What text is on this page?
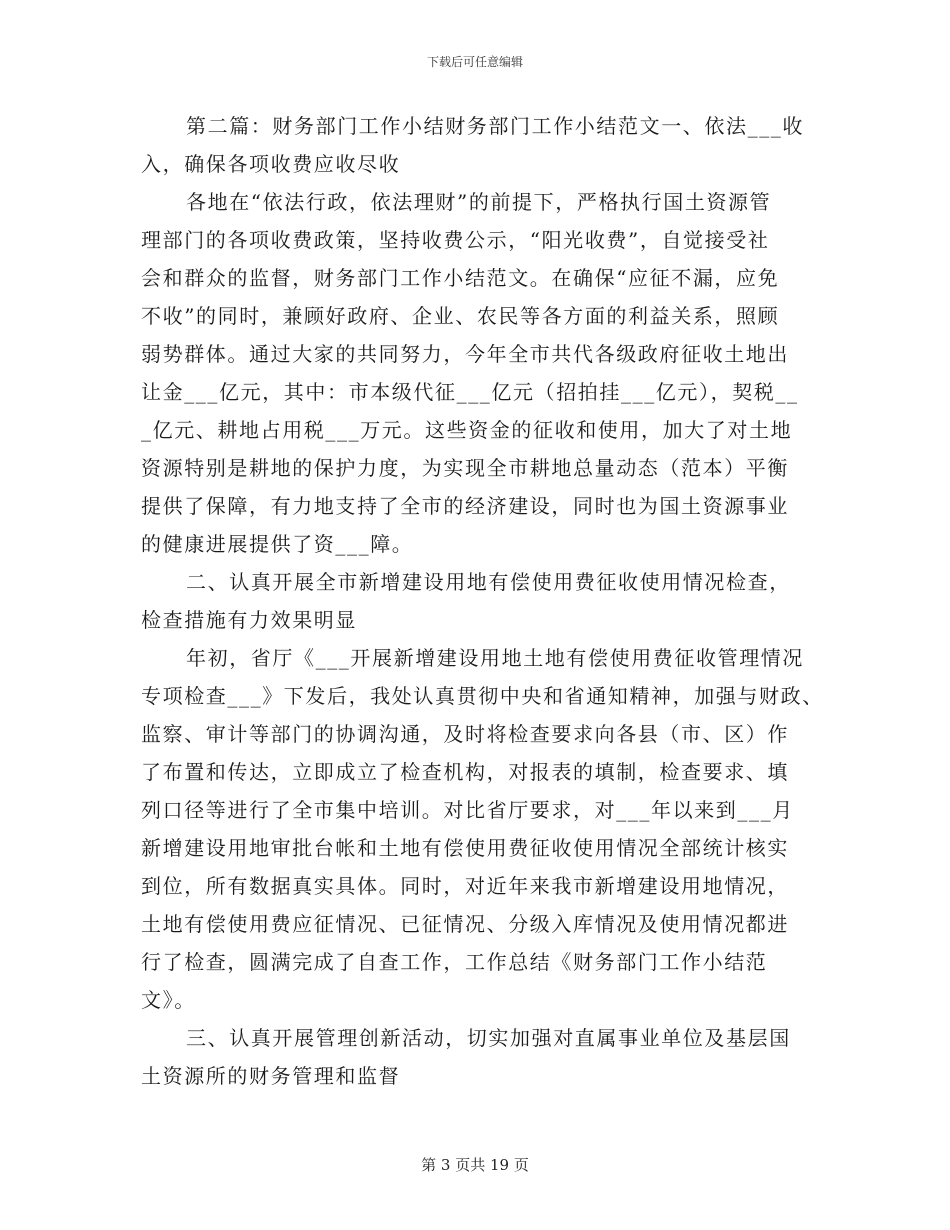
下载后可任意编辑
第二篇：财务部门工作小结财务部门工作小结范文一、依法___收
入，确保各项收费应收尽收
各地在“依法行政，依法理财”的前提下，严格执行国土资源管
理部门的各项收费政策，坚持收费公示，“阳光收费”，自觉接受社
会和群众的监督，财务部门工作小结范文。在确保“应征不漏，应免
不收”的同时，兼顾好政府、企业、农民等各方面的利益关系，照顾
弱势群体。通过大家的共同努力，今年全市共代各级政府征收土地出
让金___亿元，其中：市本级代征___亿元（招拍挂___亿元），契税__
_亿元、耕地占用税___万元。这些资金的征收和使用，加大了对土地
资源特别是耕地的保护力度，为实现全市耕地总量动态（范本）平衡
提供了保障，有力地支持了全市的经济建设，同时也为国土资源事业
的健康进展提供了资___障。
二、认真开展全市新增建设用地有偿使用费征收使用情况检查，
检查措施有力效果明显
年初，省厅《___开展新增建设用地土地有偿使用费征收管理情况
专项检查___》下发后，我处认真贯彻中央和省通知精神，加强与财政、
监察、审计等部门的协调沟通，及时将检查要求向各县（市、区）作
了布置和传达，立即成立了检查机构，对报表的填制，检查要求、填
列口径等进行了全市集中培训。对比省厅要求，对___年以来到___月
新增建设用地审批台帐和土地有偿使用费征收使用情况全部统计核实
到位，所有数据真实具体。同时，对近年来我市新增建设用地情况，
土地有偿使用费应征情况、已征情况、分级入库情况及使用情况都进
行了检查，圆满完成了自查工作，工作总结《财务部门工作小结范
文》。
三、认真开展管理创新活动，切实加强对直属事业单位及基层国
土资源所的财务管理和监督
第 3 页共 19 页
